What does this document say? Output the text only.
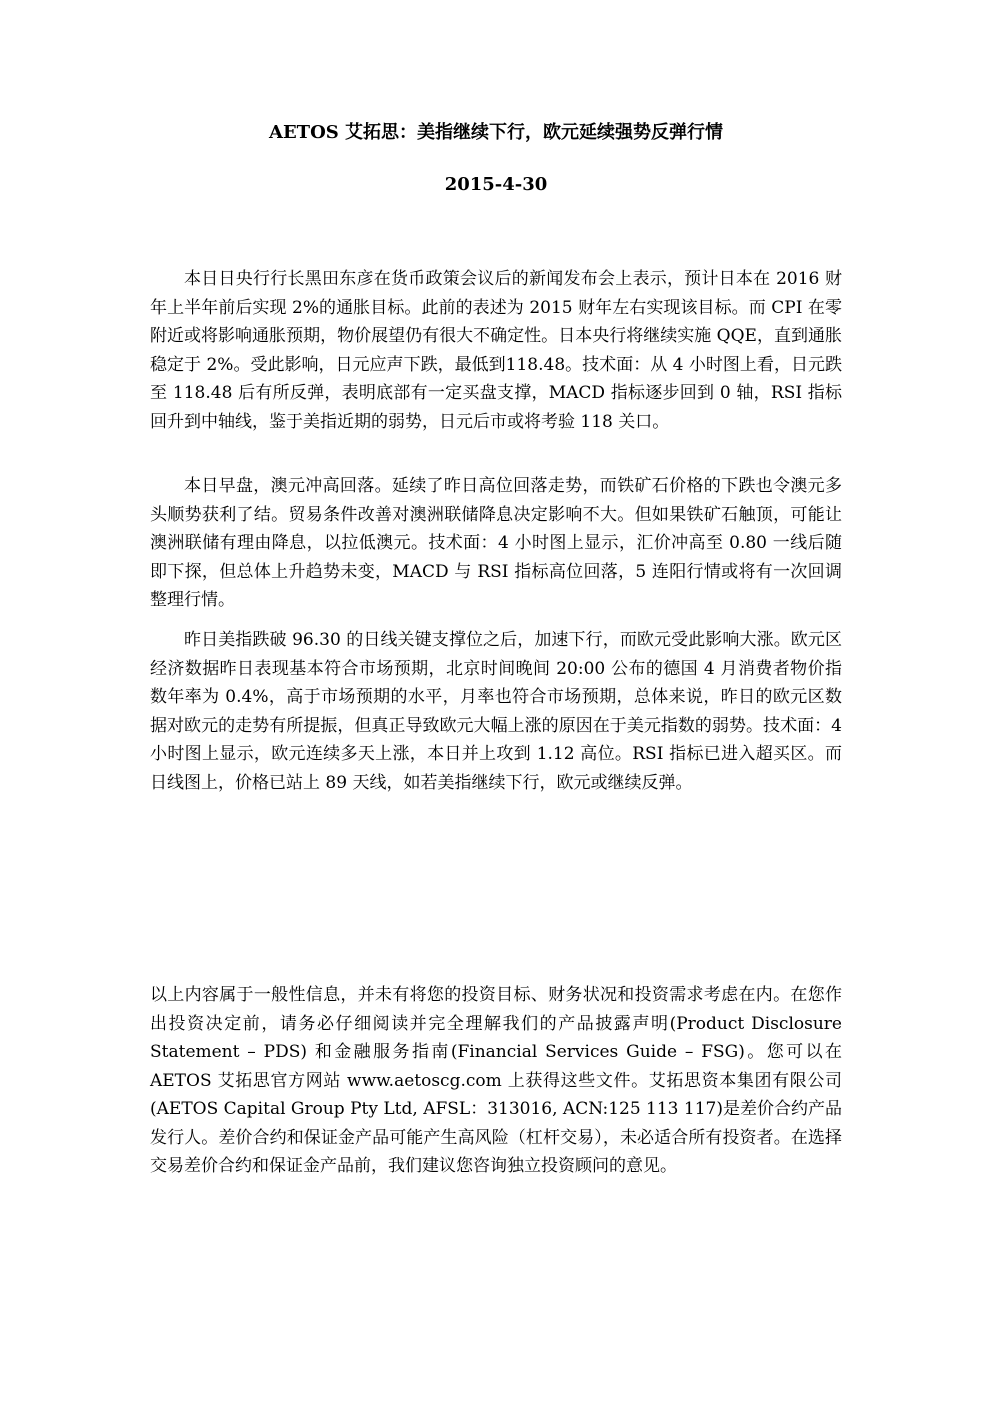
AETOS 艾拓思：美指继续下行，欧元延续强势反弹行情
2015-4-30

本日日央行行长黑田东彦在货币政策会议后的新闻发布会上表示，预计日本在 2016 财年上半年前后实现 2%的通胀目标。此前的表述为 2015 财年左右实现该目标。而 CPI 在零附近或将影响通胀预期，物价展望仍有很大不确定性。日本央行将继续实施 QQE，直到通胀稳定于 2%。受此影响，日元应声下跌，最低到118.48。技术面：从 4 小时图上看，日元跌至 118.48 后有所反弹，表明底部有一定买盘支撑，MACD 指标逐步回到 0 轴，RSI 指标回升到中轴线，鉴于美指近期的弱势，日元后市或将考验 118 关口。

本日早盘，澳元冲高回落。延续了昨日高位回落走势，而铁矿石价格的下跌也令澳元多头顺势获利了结。贸易条件改善对澳洲联储降息决定影响不大。但如果铁矿石触顶，可能让澳洲联储有理由降息，以拉低澳元。技术面：4 小时图上显示，汇价冲高至 0.80 一线后随即下探，但总体上升趋势未变，MACD 与 RSI 指标高位回落，5 连阳行情或将有一次回调整理行情。

昨日美指跌破 96.30 的日线关键支撑位之后，加速下行，而欧元受此影响大涨。欧元区经济数据昨日表现基本符合市场预期，北京时间晚间 20:00 公布的德国 4 月消费者物价指数年率为 0.4%，高于市场预期的水平，月率也符合市场预期，总体来说，昨日的欧元区数据对欧元的走势有所提振，但真正导致欧元大幅上涨的原因在于美元指数的弱势。技术面：4 小时图上显示，欧元连续多天上涨，本日并上攻到 1.12 高位。RSI 指标已进入超买区。而日线图上，价格已站上 89 天线，如若美指继续下行，欧元或继续反弹。

以上内容属于一般性信息，并未有将您的投资目标、财务状况和投资需求考虑在内。在您作出投资决定前，请务必仔细阅读并完全理解我们的产品披露声明(Product Disclosure Statement – PDS) 和金融服务指南(Financial Services Guide – FSG)。您可以在 AETOS 艾拓思官方网站 www.aetoscg.com 上获得这些文件。艾拓思资本集团有限公司(AETOS Capital Group Pty Ltd, AFSL：313016, ACN:125 113 117)是差价合约产品发行人。差价合约和保证金产品可能产生高风险（杠杆交易），未必适合所有投资者。在选择交易差价合约和保证金产品前，我们建议您咨询独立投资顾问的意见。
